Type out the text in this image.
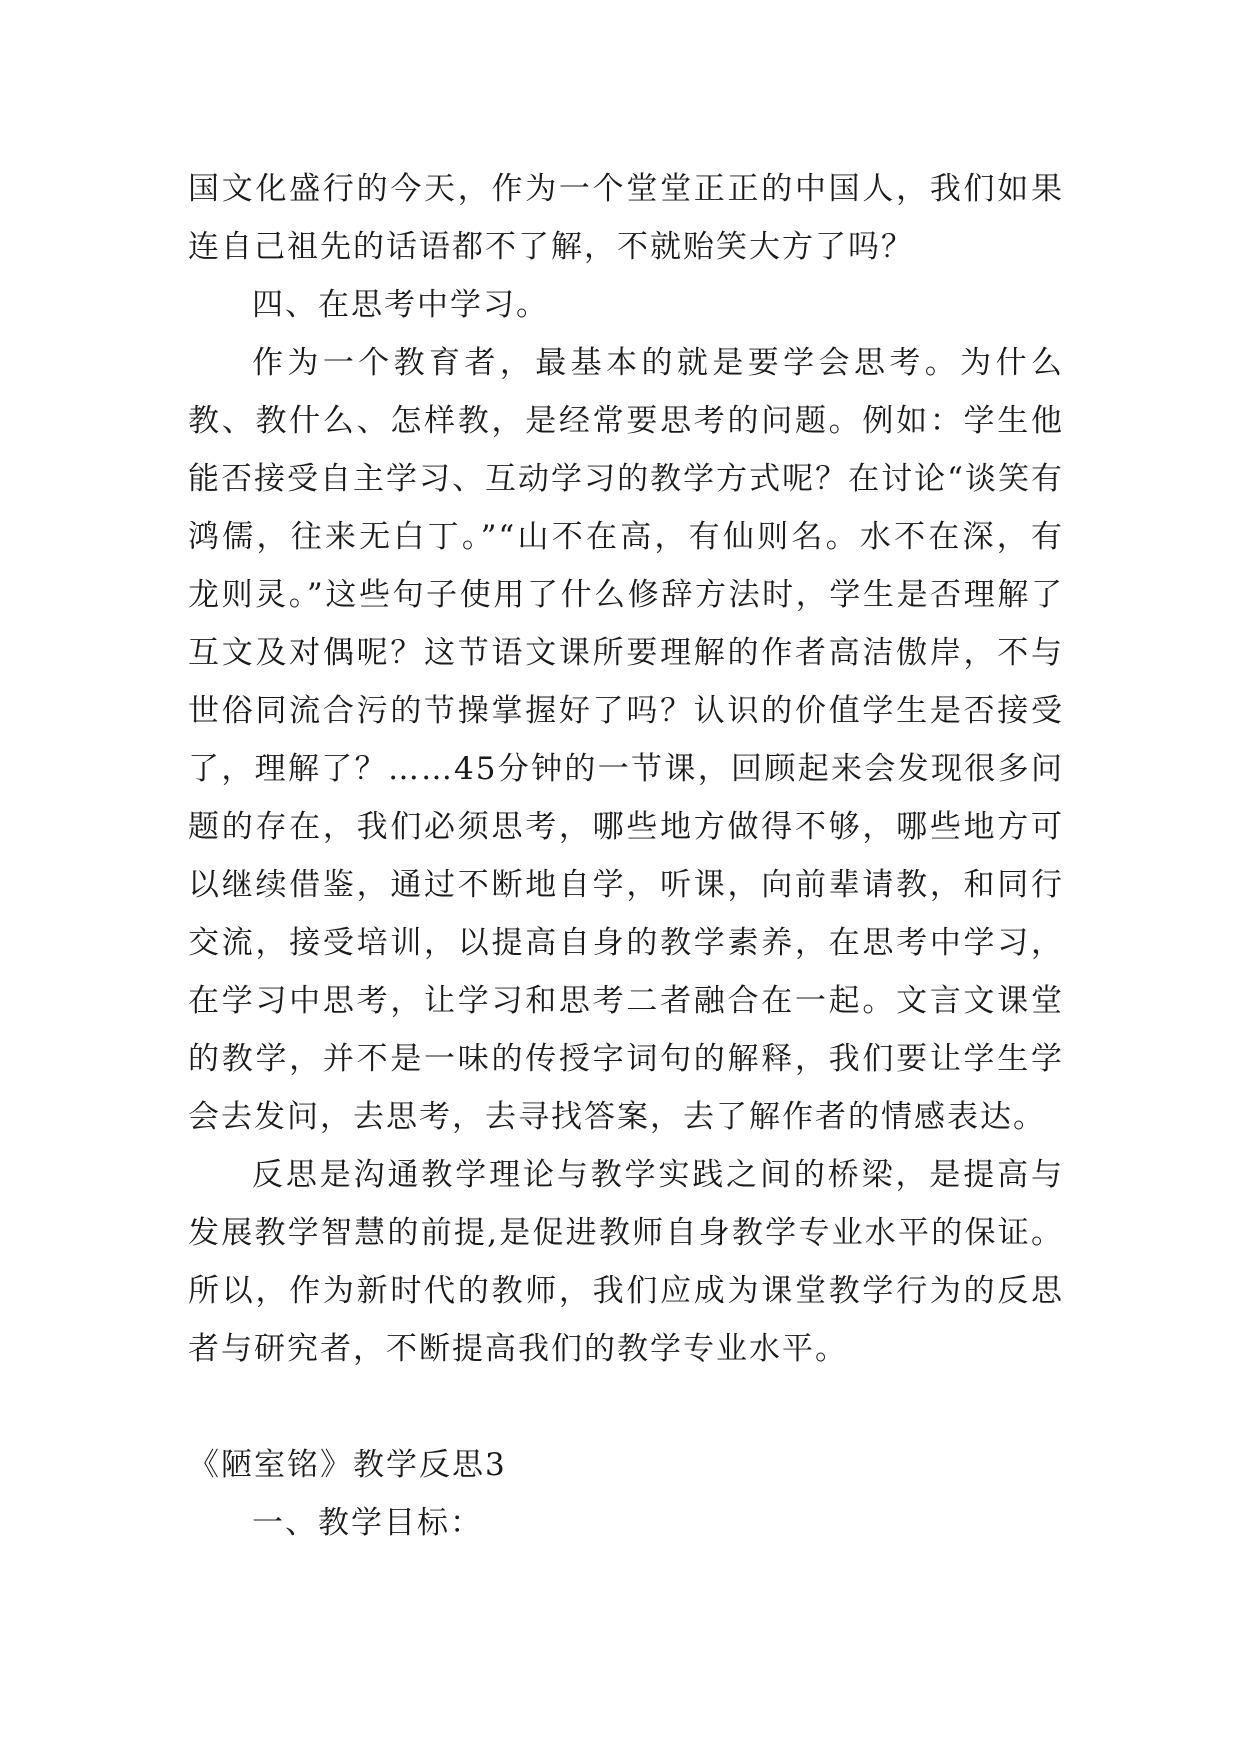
国文化盛行的今天，作为一个堂堂正正的中国人，我们如果连自己祖先的话语都不了解，不就贻笑大方了吗？

四、在思考中学习。

作为一个教育者，最基本的就是要学会思考。为什么教、教什么、怎样教，是经常要思考的问题。例如：学生他能否接受自主学习、互动学习的教学方式呢？在讨论“谈笑有鸿儒，往来无白丁。”“山不在高，有仙则名。水不在深，有龙则灵。”这些句子使用了什么修辞方法时，学生是否理解了互文及对偶呢？这节语文课所要理解的作者高洁傲岸，不与世俗同流合污的节操掌握好了吗？认识的价值学生是否接受了，理解了？……45分钟的一节课，回顾起来会发现很多问题的存在，我们必须思考，哪些地方做得不够，哪些地方可以继续借鉴，通过不断地自学，听课，向前辈请教，和同行交流，接受培训，以提高自身的教学素养，在思考中学习，在学习中思考，让学习和思考二者融合在一起。文言文课堂的教学，并不是一味的传授字词句的解释，我们要让学生学会去发问，去思考，去寻找答案，去了解作者的情感表达。

反思是沟通教学理论与教学实践之间的桥梁，是提高与发展教学智慧的前提,是促进教师自身教学专业水平的保证。所以，作为新时代的教师，我们应成为课堂教学行为的反思者与研究者，不断提高我们的教学专业水平。

《陋室铭》教学反思3

一、教学目标：
